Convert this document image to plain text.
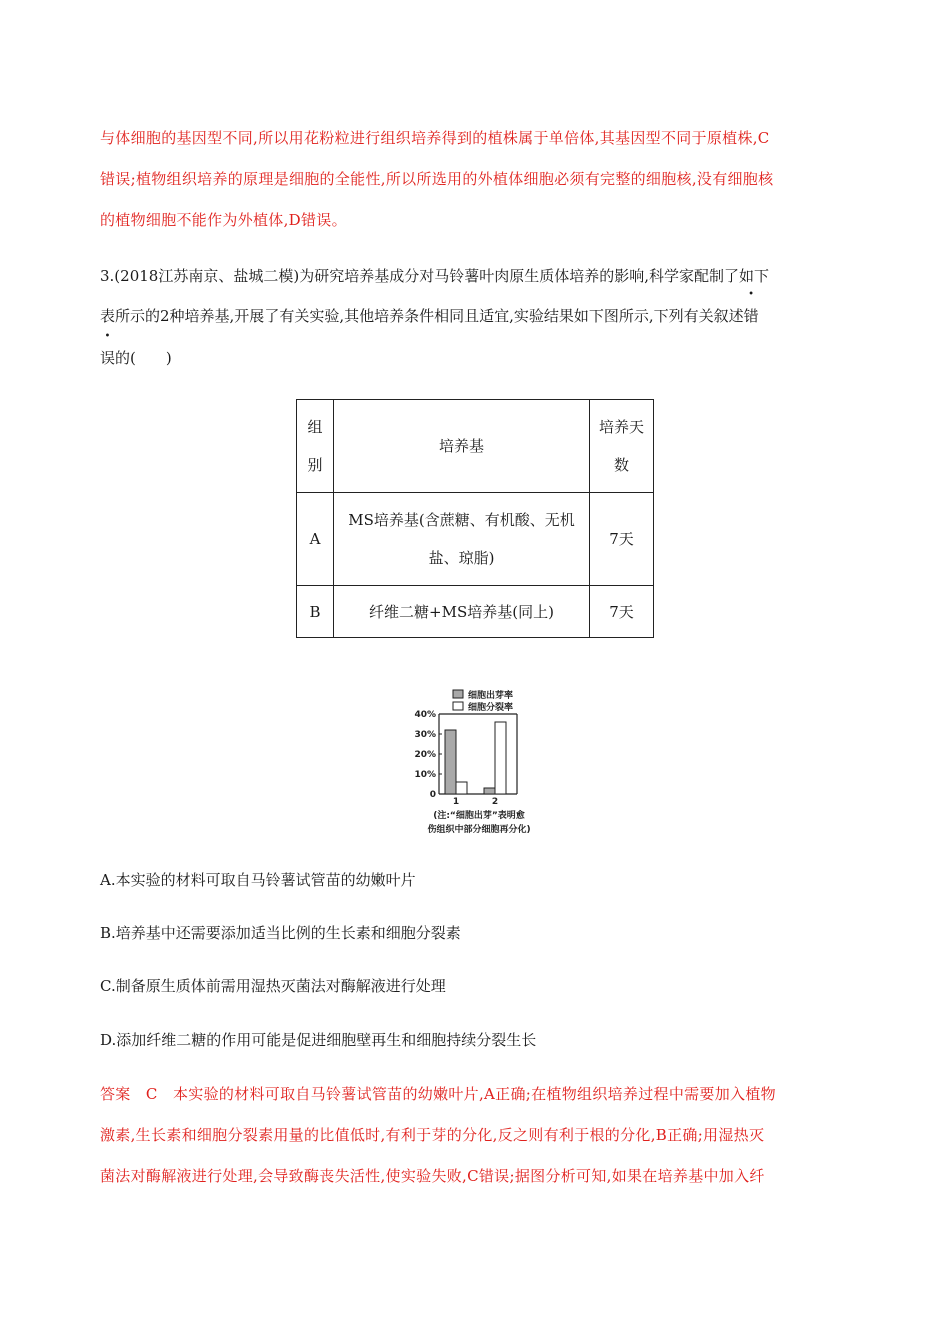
与体细胞的基因型不同,所以用花粉粒进行组织培养得到的植株属于单倍体,其基因型不同于原植株,C
错误;植物组织培养的原理是细胞的全能性,所以所选用的外植体细胞必须有完整的细胞核,没有细胞核
的植物细胞不能作为外植体,D错误。
3.(2018江苏南京、盐城二模)为研究培养基成分对马铃薯叶肉原生质体培养的影响,科学家配制了如下
表所示的2种培养基,开展了有关实验,其他培养条件相同且适宜,实验结果如下图所示,下列有关叙述
•
错
•
误的(　　)
组别	培养基	培养天
数

A	MS培养基(含蔗糖、有机酸、无机
盐、琼脂)	7天
B	纤维二糖+MS培养基(同上)	7天
细胞出芽率
细胞分裂率
0
10%
20%
30%
40%
1	2
(注:“细胞出芽”表明愈
伤组织中部分细胞再分化)
A.本实验的材料可取自马铃薯试管苗的幼嫩叶片
B.培养基中还需要添加适当比例的生长素和细胞分裂素
C.制备原生质体前需用湿热灭菌法对酶解液进行处理
D.添加纤维二糖的作用可能是促进细胞壁再生和细胞持续分裂生长
答案　C　本实验的材料可取自马铃薯试管苗的幼嫩叶片,A正确;在植物组织培养过程中需要加入植物
激素,生长素和细胞分裂素用量的比值低时,有利于芽的分化,反之则有利于根的分化,B正确;用湿热灭
菌法对酶解液进行处理,会导致酶丧失活性,使实验失败,C错误;据图分析可知,如果在培养基中加入纤
